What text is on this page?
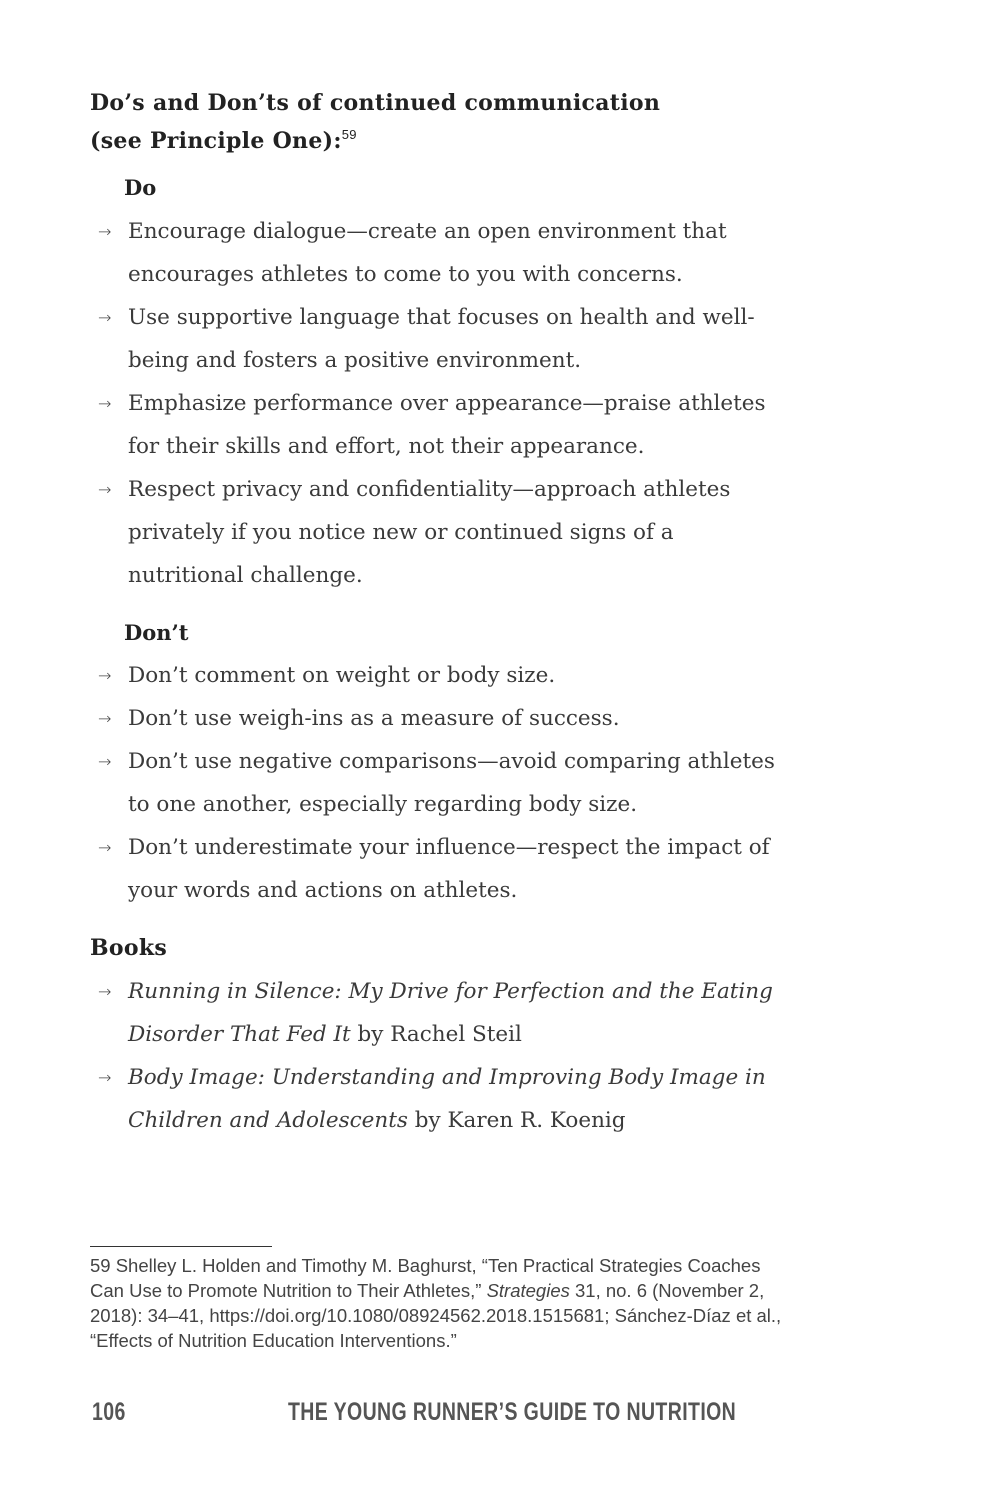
Do’s and Don’ts of continued communication
(see Principle One):$^{59}$
Do
→ Encourage dialogue—create an open environment that
encourages athletes to come to you with concerns.
→ Use supportive language that focuses on health and well-
being and fosters a positive environment.
→ Emphasize performance over appearance—praise athletes
for their skills and effort, not their appearance.
→ Respect privacy and confidentiality—approach athletes
privately if you notice new or continued signs of a
nutritional challenge.
Don’t
→ Don’t comment on weight or body size.
→ Don’t use weigh-ins as a measure of success.
→ Don’t use negative comparisons—avoid comparing athletes
to one another, especially regarding body size.
→ Don’t underestimate your influence—respect the impact of
your words and actions on athletes.
Books
→ Running in Silence: My Drive for Perfection and the Eating
Disorder That Fed It by Rachel Steil
→ Body Image: Understanding and Improving Body Image in
Children and Adolescents by Karen R. Koenig
59 Shelley L. Holden and Timothy M. Baghurst, “Ten Practical Strategies Coaches
Can Use to Promote Nutrition to Their Athletes,” Strategies 31, no. 6 (November 2,
2018): 34–41, https://doi.org/10.1080/08924562.2018.1515681; Sánchez-Díaz et al.,
“Effects of Nutrition Education Interventions.”
106	THE YOUNG RUNNER’S GUIDE TO NUTRITION
